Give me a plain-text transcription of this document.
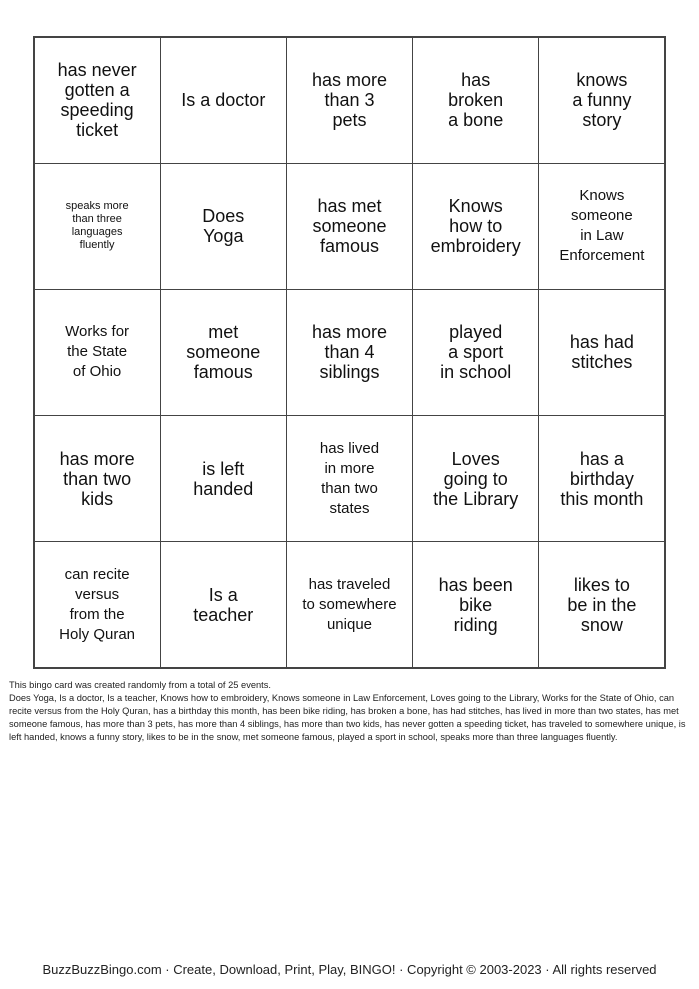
has never
gotten a
speeding
ticket
Is a doctor
has more
than 3
pets
has
broken
a bone
knows
a funny
story
speaks more
than three
languages
fluently
Does
Yoga
has met
someone
famous
Knows
how to
embroidery
Knows
someone
in Law
Enforcement
Works for
the State
of Ohio
met
someone
famous
has more
than 4
siblings
played
a sport
in school
has had
stitches
has more
than two
kids
is left
handed
has lived
in more
than two
states
Loves
going to
the Library
has a
birthday
this month
can recite
versus
from the
Holy Quran
Is a
teacher
has traveled
to somewhere
unique
has been
bike
riding
likes to
be in the
snow

This bingo card was created randomly from a total of 25 events.

Does Yoga, Is a doctor, Is a teacher, Knows how to embroidery, Knows someone in Law Enforcement, Loves going to the Library, Works for the State of Ohio, can recite versus from the Holy Quran, has a birthday this month, has been bike riding, has broken a bone, has had stitches, has lived in more than two states, has met someone famous, has more than 3 pets, has more than 4 siblings, has more than two kids, has never gotten a speeding ticket, has traveled to somewhere unique, is left handed, knows a funny story, likes to be in the snow, met someone famous, played a sport in school, speaks more than three languages fluently.

BuzzBuzzBingo.com · Create, Download, Print, Play, BINGO! · Copyright © 2003-2023 · All rights reserved
